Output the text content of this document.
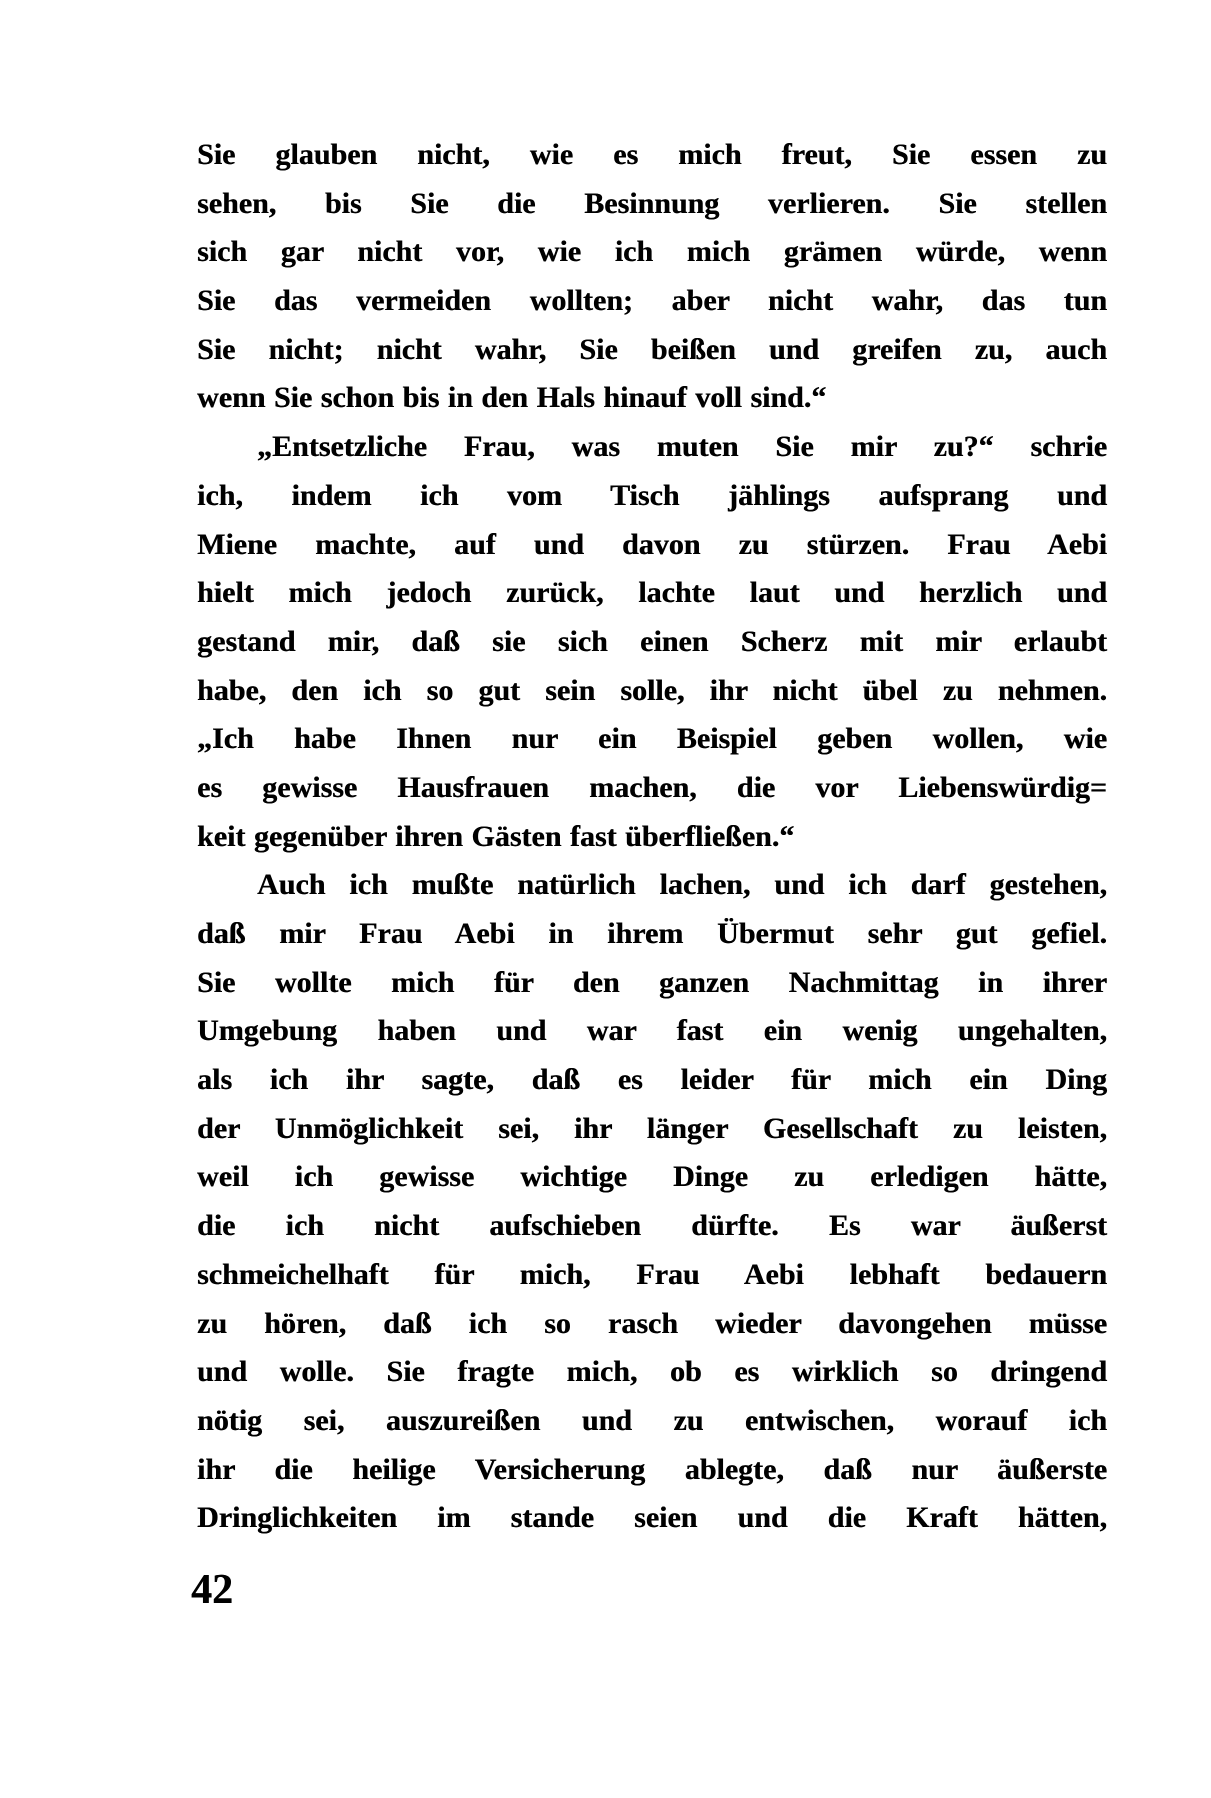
Sie glauben nicht, wie es mich freut, Sie essen zu
sehen, bis Sie die Besinnung verlieren. Sie stellen
sich gar nicht vor, wie ich mich grämen würde, wenn
Sie das vermeiden wollten; aber nicht wahr, das tun
Sie nicht; nicht wahr, Sie beißen und greifen zu, auch
wenn Sie schon bis in den Hals hinauf voll sind.“
„Entsetzliche Frau, was muten Sie mir zu?“ schrie
ich, indem ich vom Tisch jählings aufsprang und
Miene machte, auf und davon zu stürzen. Frau Aebi
hielt mich jedoch zurück, lachte laut und herzlich und
gestand mir, daß sie sich einen Scherz mit mir erlaubt
habe, den ich so gut sein solle, ihr nicht übel zu nehmen.
„Ich habe Ihnen nur ein Beispiel geben wollen, wie
es gewisse Hausfrauen machen, die vor Liebenswürdig=
keit gegenüber ihren Gästen fast überfließen.“
Auch ich mußte natürlich lachen, und ich darf gestehen,
daß mir Frau Aebi in ihrem Übermut sehr gut gefiel.
Sie wollte mich für den ganzen Nachmittag in ihrer
Umgebung haben und war fast ein wenig ungehalten,
als ich ihr sagte, daß es leider für mich ein Ding
der Unmöglichkeit sei, ihr länger Gesellschaft zu leisten,
weil ich gewisse wichtige Dinge zu erledigen hätte,
die ich nicht aufschieben dürfte. Es war äußerst
schmeichelhaft für mich, Frau Aebi lebhaft bedauern
zu hören, daß ich so rasch wieder davongehen müsse
und wolle. Sie fragte mich, ob es wirklich so dringend
nötig sei, auszureißen und zu entwischen, worauf ich
ihr die heilige Versicherung ablegte, daß nur äußerste
Dringlichkeiten im stande seien und die Kraft hätten,
42
